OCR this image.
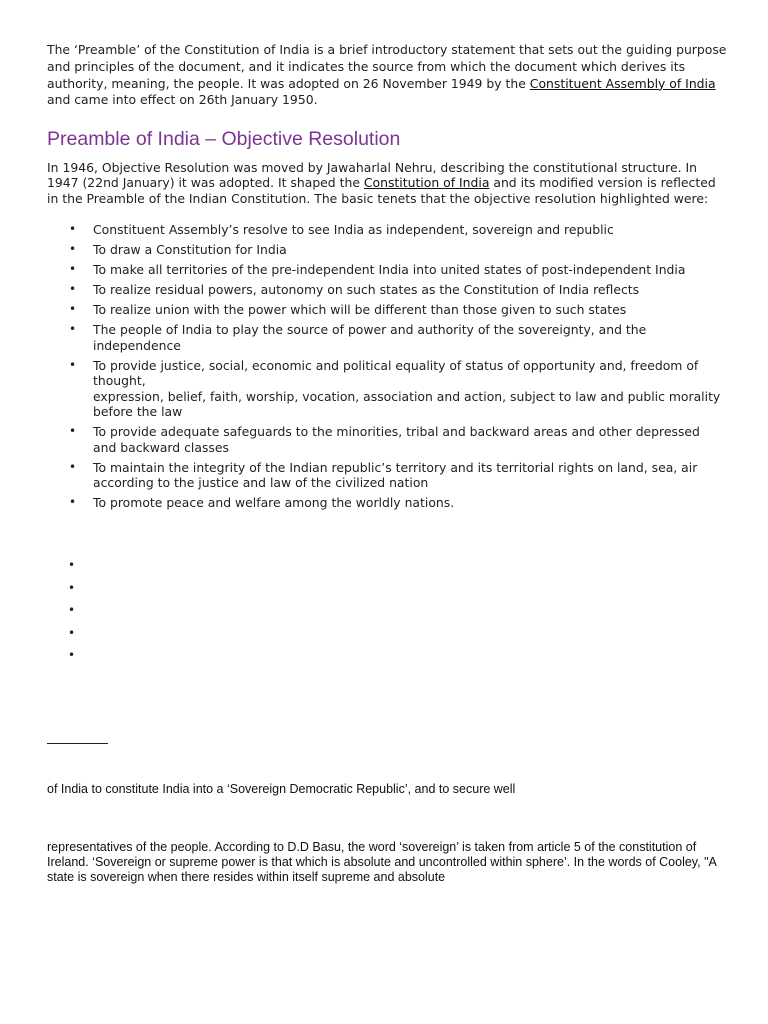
The ‘Preamble’ of the Constitution of India is a brief introductory statement that sets out the guiding purpose and principles of the document, and it indicates the source from which the document which derives its authority, meaning, the people. It was adopted on 26 November 1949 by the Constituent Assembly of India and came into effect on 26th January 1950.

Preamble of India – Objective Resolution

In 1946, Objective Resolution was moved by Jawaharlal Nehru, describing the constitutional structure. In 1947 (22nd January) it was adopted. It shaped the Constitution of India and its modified version is reflected in the Preamble of the Indian Constitution. The basic tenets that the objective resolution highlighted were:

• Constituent Assembly’s resolve to see India as independent, sovereign and republic
• To draw a Constitution for India
• To make all territories of the pre-independent India into united states of post-independent India
• To realize residual powers, autonomy on such states as the Constitution of India reflects
• To realize union with the power which will be different than those given to such states
• The people of India to play the source of power and authority of the sovereignty, and the independence
• To provide justice, social, economic and political equality of status of opportunity and, freedom of thought,
expression, belief, faith, worship, vocation, association and action, subject to law and public morality before the law
• To provide adequate safeguards to the minorities, tribal and backward areas and other depressed and backward classes
• To maintain the integrity of the Indian republic’s territory and its territorial rights on land, sea, air according to the justice and law of the civilized nation
• To promote peace and welfare among the worldly nations.
•
•
•
•
•

of India to constitute India into a ‘Sovereign Democratic Republic’, and to secure well

representatives of the people. According to D.D Basu, the word ‘sovereign’ is taken from article 5 of the constitution of Ireland. ‘Sovereign or supreme power is that which is absolute and uncontrolled within sphere’. In the words of Cooley, "A state is sovereign when there resides within itself supreme and absolute
